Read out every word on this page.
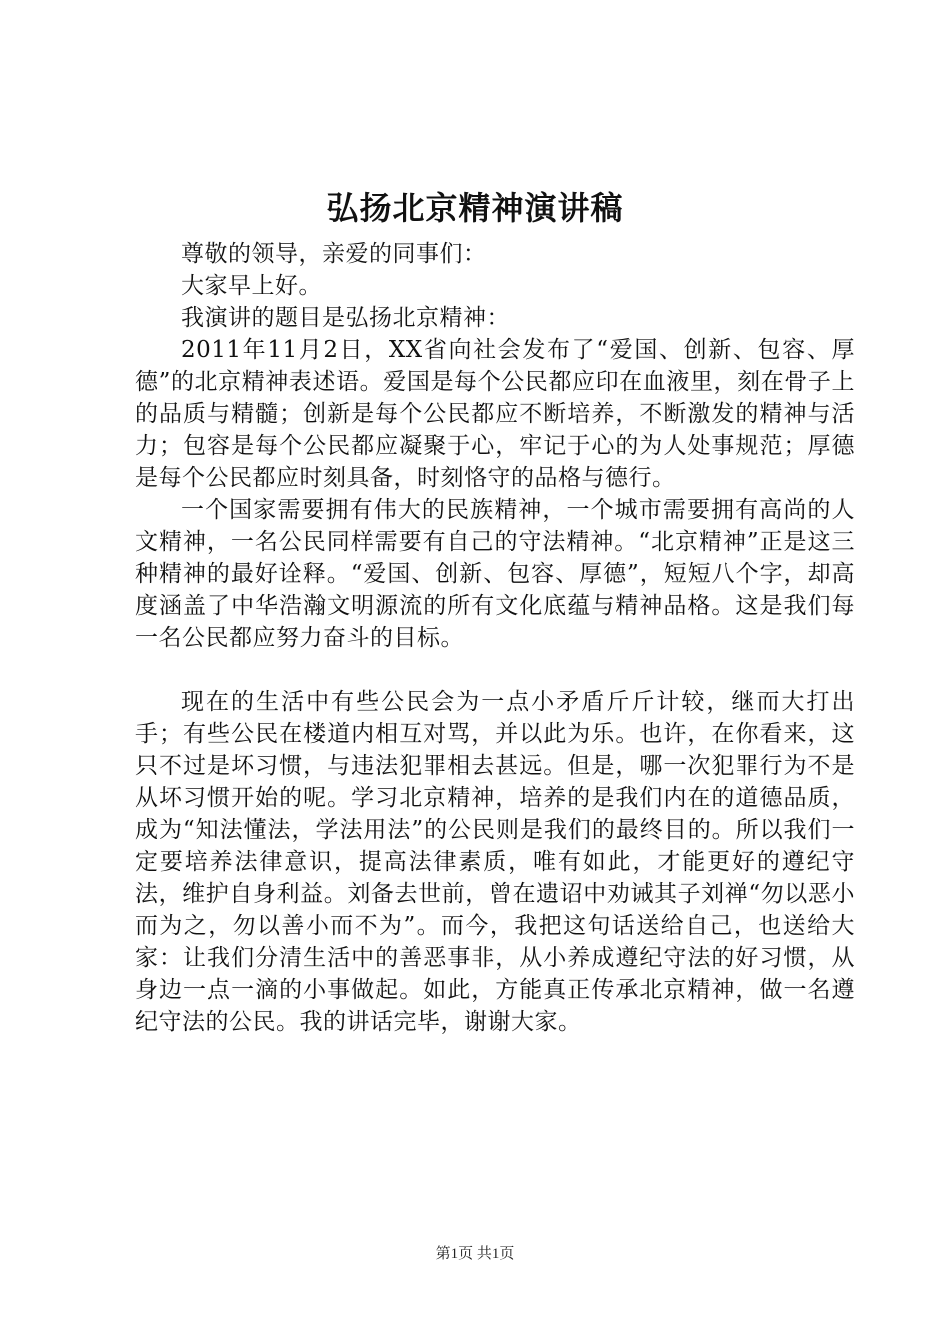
弘扬北京精神演讲稿

尊敬的领导，亲爱的同事们：

大家早上好。

我演讲的题目是弘扬北京精神：

2011年11月2日，XX省向社会发布了“爱国、创新、包容、厚德”的北京精神表述语。爱国是每个公民都应印在血液里，刻在骨子上的品质与精髓；创新是每个公民都应不断培养，不断激发的精神与活力；包容是每个公民都应凝聚于心，牢记于心的为人处事规范；厚德是每个公民都应时刻具备，时刻恪守的品格与德行。

一个国家需要拥有伟大的民族精神，一个城市需要拥有高尚的人文精神，一名公民同样需要有自己的守法精神。“北京精神”正是这三种精神的最好诠释。“爱国、创新、包容、厚德”，短短八个字，却高度涵盖了中华浩瀚文明源流的所有文化底蕴与精神品格。这是我们每一名公民都应努力奋斗的目标。

现在的生活中有些公民会为一点小矛盾斤斤计较，继而大打出手；有些公民在楼道内相互对骂，并以此为乐。也许，在你看来，这只不过是坏习惯，与违法犯罪相去甚远。但是，哪一次犯罪行为不是从坏习惯开始的呢。学习北京精神，培养的是我们内在的道德品质，成为“知法懂法，学法用法”的公民则是我们的最终目的。所以我们一定要培养法律意识，提高法律素质，唯有如此，才能更好的遵纪守法，维护自身利益。刘备去世前，曾在遗诏中劝诫其子刘禅“勿以恶小而为之，勿以善小而不为”。而今，我把这句话送给自己，也送给大家：让我们分清生活中的善恶事非，从小养成遵纪守法的好习惯，从身边一点一滴的小事做起。如此，方能真正传承北京精神，做一名遵纪守法的公民。我的讲话完毕，谢谢大家。

第1页 共1页
